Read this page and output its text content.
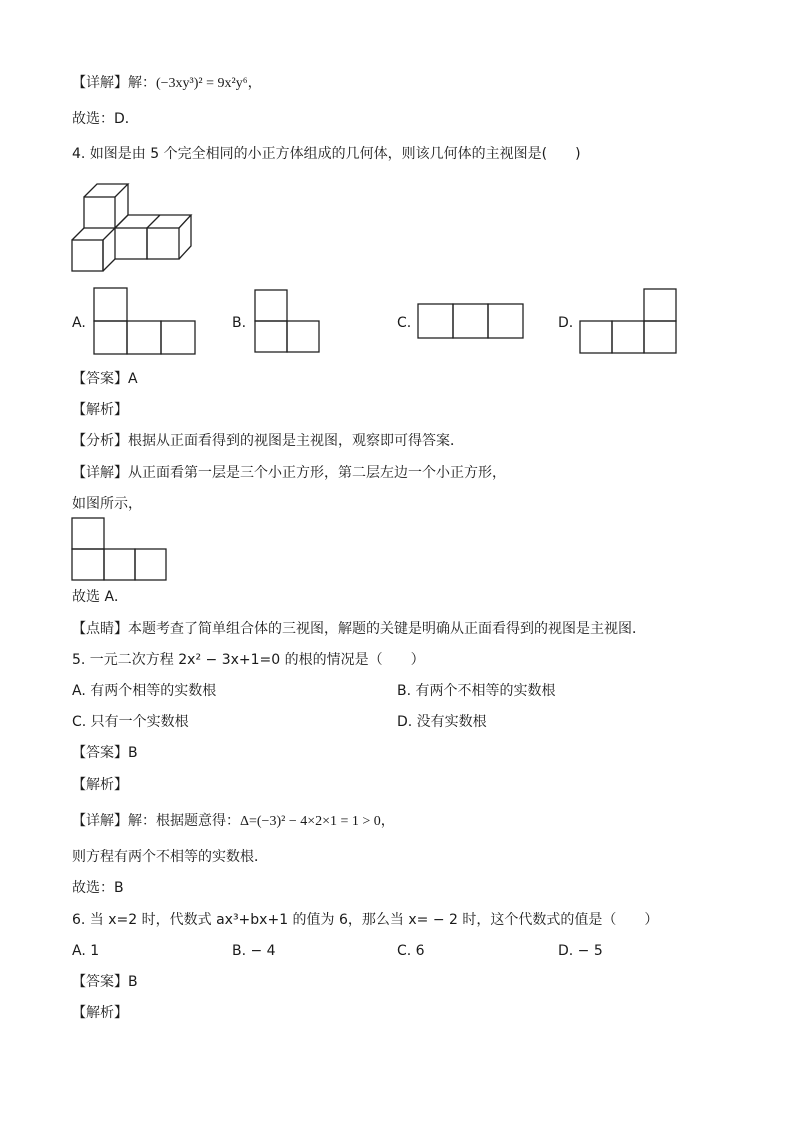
【详解】解：(−3xy³)² = 9x²y⁶，
故选：D．
4. 如图是由 5 个完全相同的小正方体组成的几何体，则该几何体的主视图是(　　)
A.	B.	C.	D.
【答案】A
【解析】
【分析】根据从正面看得到的视图是主视图，观察即可得答案．
【详解】从正面看第一层是三个小正方形，第二层左边一个小正方形，
如图所示，
故选 A．
【点睛】本题考查了简单组合体的三视图，解题的关键是明确从正面看得到的视图是主视图．
5. 一元二次方程 2x² − 3x+1=0 的根的情况是（　　）
A. 有两个相等的实数根	B. 有两个不相等的实数根
C. 只有一个实数根	D. 没有实数根
【答案】B
【解析】
【详解】解：根据题意得：Δ=(−3)² − 4×2×1 = 1 > 0，
则方程有两个不相等的实数根．
故选：B
6. 当 x=2 时，代数式 ax³+bx+1 的值为 6，那么当 x= − 2 时，这个代数式的值是（　　）
A. 1	B. − 4	C. 6	D. − 5
【答案】B
【解析】
